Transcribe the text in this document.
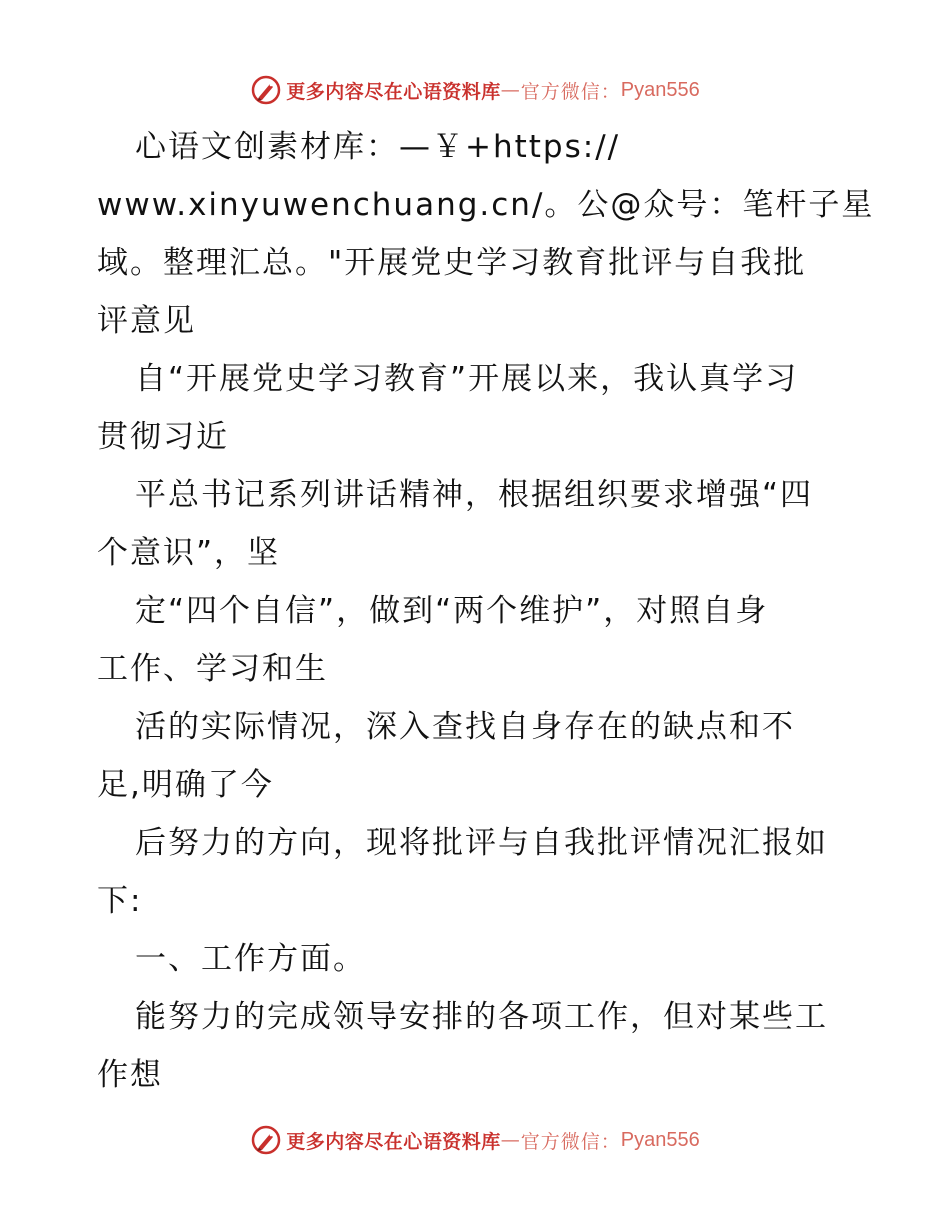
更多内容尽在心语资料库 — 官方微信： Pyan556
心语文创素材库：—￥+https://
www.xinyuwenchuang.cn/。公@众号：笔杆子星
域。整理汇总。"开展党史学习教育批评与自我批
评意见
自“开展党史学习教育”开展以来，我认真学习
贯彻习近
平总书记系列讲话精神，根据组织要求增强“四
个意识”，坚
定“四个自信”，做到“两个维护”，对照自身
工作、学习和生
活的实际情况，深入查找自身存在的缺点和不
足,明确了今
后努力的方向，现将批评与自我批评情况汇报如
下:
一、工作方面。
能努力的完成领导安排的各项工作，但对某些工
作想
更多内容尽在心语资料库 — 官方微信： Pyan556
